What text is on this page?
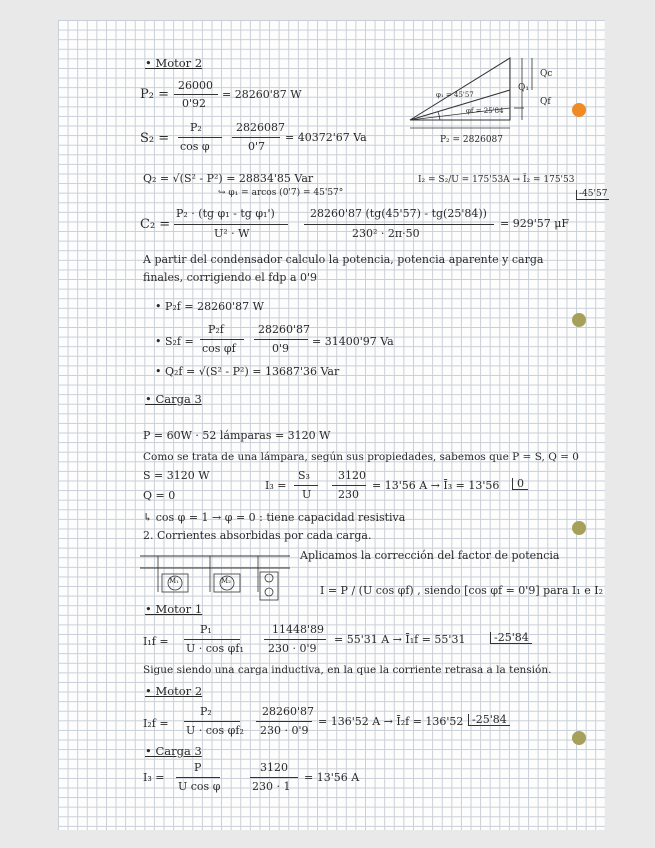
• Motor 2
P₂ =
26000
0'92
= 28260'87 W
S₂ =
P₂
cos φ
2826087
0'7
= 40372'67 Va
Q₂ = √(S² - P²) = 28834'85 Var
↪ φ₁ = arcos (0'7) = 45'57°
I₂ = S₂/U = 175'53A → Ī₂ = 175'53
-45'57
C₂ =
P₂ · (tg φ₁ - tg φ₁')
U² · W
28260'87 (tg(45'57) - tg(25'84))
230² · 2π·50
= 929'57 μF
Qc
Q₁
Qf
φ₁ = 45'57
φf = 25'84
P₂ = 2826087
A partir del condensador calculo la potencia, potencia aparente y carga
finales, corrigiendo el fdp a 0'9
• P₂f = 28260'87 W
• S₂f =
P₂f
cos φf
28260'87
0'9
= 31400'97 Va
• Q₂f = √(S² - P²) = 13687'36 Var
• Carga 3
P = 60W · 52 lámparas = 3120 W
Como se trata de una lámpara, según sus propiedades, sabemos que P = S, Q = 0
S = 3120 W
Q = 0
I₃ =
S₃
U
3120
230
= 13'56 A → Ī₃ = 13'56	0
↳ cos φ = 1 → φ = 0 : tiene capacidad resistiva
2. Corrientes absorbidas por cada carga.
M₁	M₂
Aplicamos la corrección del factor de potencia
I = P / (U cos φf) , siendo [cos φf = 0'9] para I₁ e I₂
• Motor 1
I₁f =
P₁
U · cos φf₁
11448'89
230 · 0'9
= 55'31 A → Ī₁f = 55'31	-25'84
Sigue siendo una carga inductiva, en la que la corriente retrasa a la tensión.
• Motor 2
I₂f =
P₂
U · cos φf₂
28260'87
230 · 0'9
= 136'52 A → Ī₂f = 136'52 -25'84
• Carga 3
I₃ =
P
U cos φ
3120
230 · 1
= 13'56 A
